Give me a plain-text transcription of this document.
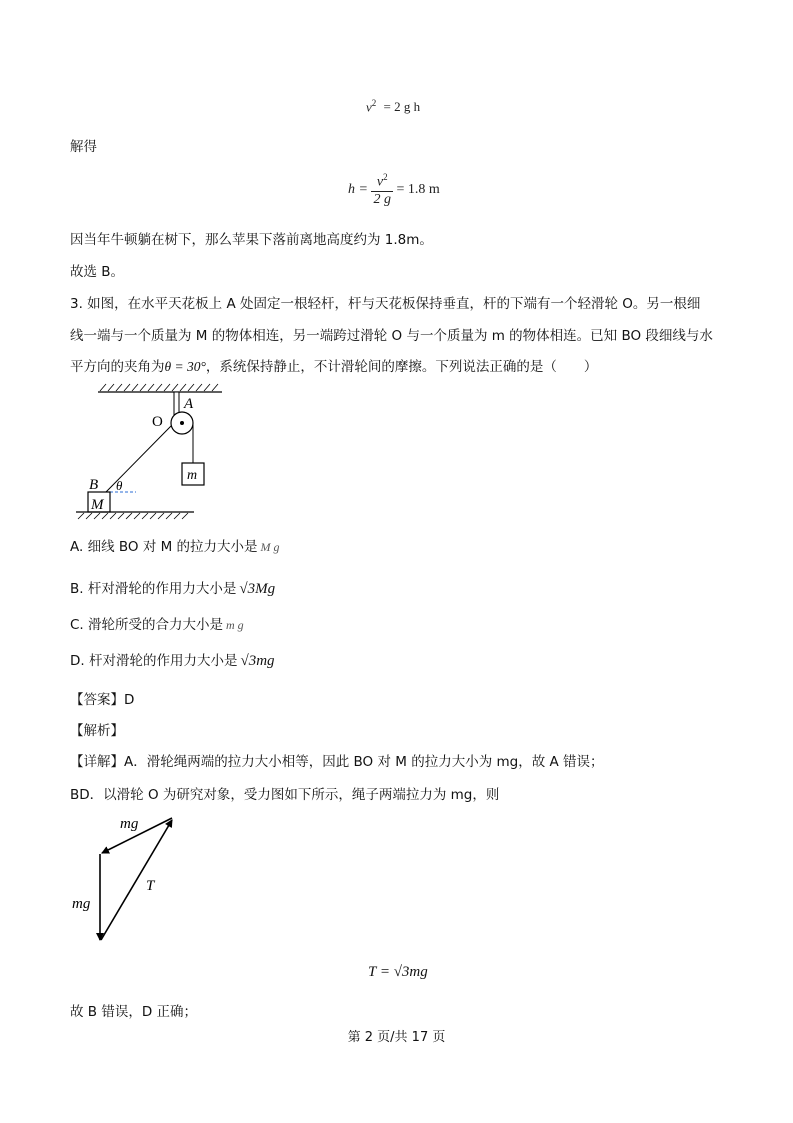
$v^2 = 2$ g h
解得
$h = \frac{v^2}{2 g} = 1.8$ m
因当年牛顿躺在树下，那么苹果下落前离地高度约为 1.8m。
故选 B。
3. 如图，在水平天花板上 A 处固定一根轻杆，杆与天花板保持垂直，杆的下端有一个轻滑轮 O。另一根细
线一端与一个质量为 M 的物体相连，另一端跨过滑轮 O 与一个质量为 m 的物体相连。已知 BO 段细线与水
平方向的夹角为θ = 30°，系统保持静止，不计滑轮间的摩擦。下列说法正确的是（　　）
A
O
B θ
M
m
A. 细线 BO 对 M 的拉力大小是 M g
B. 杆对滑轮的作用力大小是 √3Mg
C. 滑轮所受的合力大小是 m g
D. 杆对滑轮的作用力大小是 √3mg
【答案】D
【解析】
【详解】A．滑轮绳两端的拉力大小相等，因此 BO 对 M 的拉力大小为 mg，故 A 错误；
BD．以滑轮 O 为研究对象，受力图如下所示，绳子两端拉力为 mg，则
mg
T
mg
T = √3mg
故 B 错误，D 正确；
第 2 页/共 17 页
